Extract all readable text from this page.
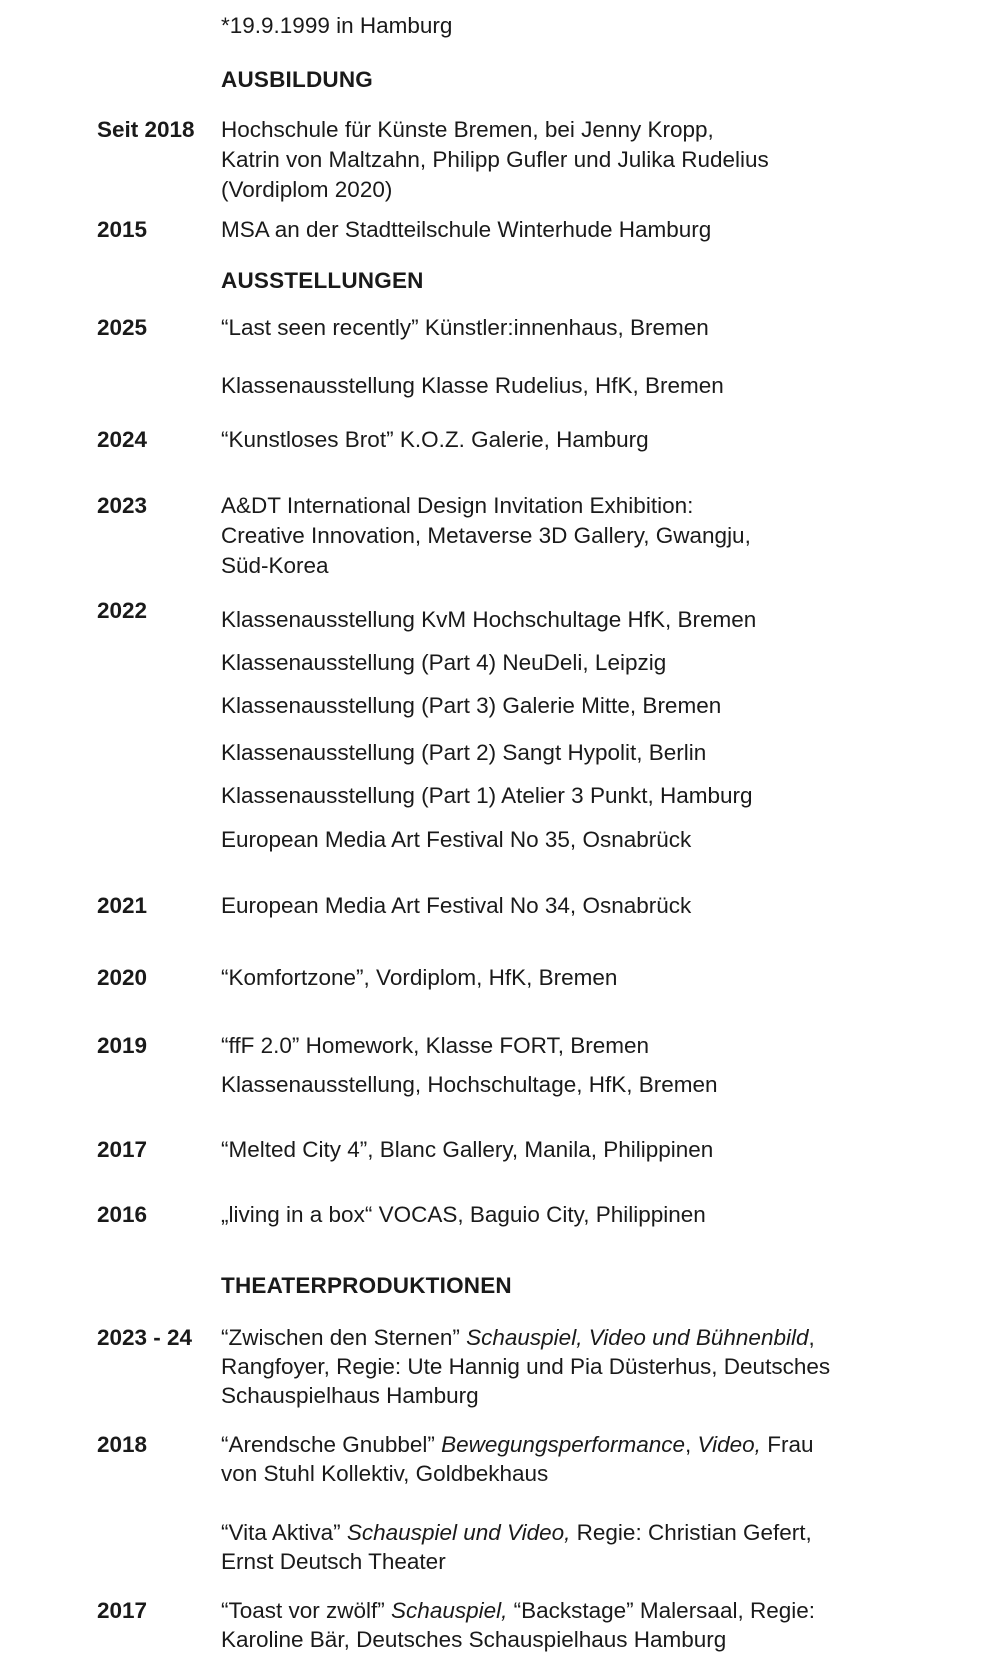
*19.9.1999 in Hamburg
AUSBILDUNG
Seit 2018	Hochschule für Künste Bremen, bei Jenny Kropp,
Katrin von Maltzahn, Philipp Gufler und Julika Rudelius
(Vordiplom 2020)
2015	MSA an der Stadtteilschule Winterhude Hamburg
AUSSTELLUNGEN
2025	“Last seen recently” Künstler:innenhaus, Bremen
Klassenausstellung Klasse Rudelius, HfK, Bremen
2024	“Kunstloses Brot” K.O.Z. Galerie, Hamburg
2023	A&DT International Design Invitation Exhibition:
Creative Innovation, Metaverse 3D Gallery, Gwangju,
Süd-Korea
2022	Klassenausstellung KvM Hochschultage HfK, Bremen
Klassenausstellung (Part 4) NeuDeli, Leipzig
Klassenausstellung (Part 3) Galerie Mitte, Bremen
Klassenausstellung (Part 2) Sangt Hypolit, Berlin
Klassenausstellung (Part 1) Atelier 3 Punkt, Hamburg
European Media Art Festival No 35, Osnabrück
2021	European Media Art Festival No 34, Osnabrück
2020	“Komfortzone”, Vordiplom, HfK, Bremen
2019	“ffF 2.0” Homework, Klasse FORT, Bremen
Klassenausstellung, Hochschultage, HfK, Bremen
2017	“Melted City 4”, Blanc Gallery, Manila, Philippinen
2016	„living in a box“ VOCAS, Baguio City, Philippinen
THEATERPRODUKTIONEN
2023 - 24	“Zwischen den Sternen” Schauspiel, Video und Bühnenbild,
Rangfoyer, Regie: Ute Hannig und Pia Düsterhus, Deutsches
Schauspielhaus Hamburg
2018	“Arendsche Gnubbel” Bewegungsperformance, Video, Frau
von Stuhl Kollektiv, Goldbekhaus
“Vita Aktiva” Schauspiel und Video, Regie: Christian Gefert,
Ernst Deutsch Theater
2017	“Toast vor zwölf” Schauspiel, “Backstage” Malersaal, Regie:
Karoline Bär, Deutsches Schauspielhaus Hamburg
